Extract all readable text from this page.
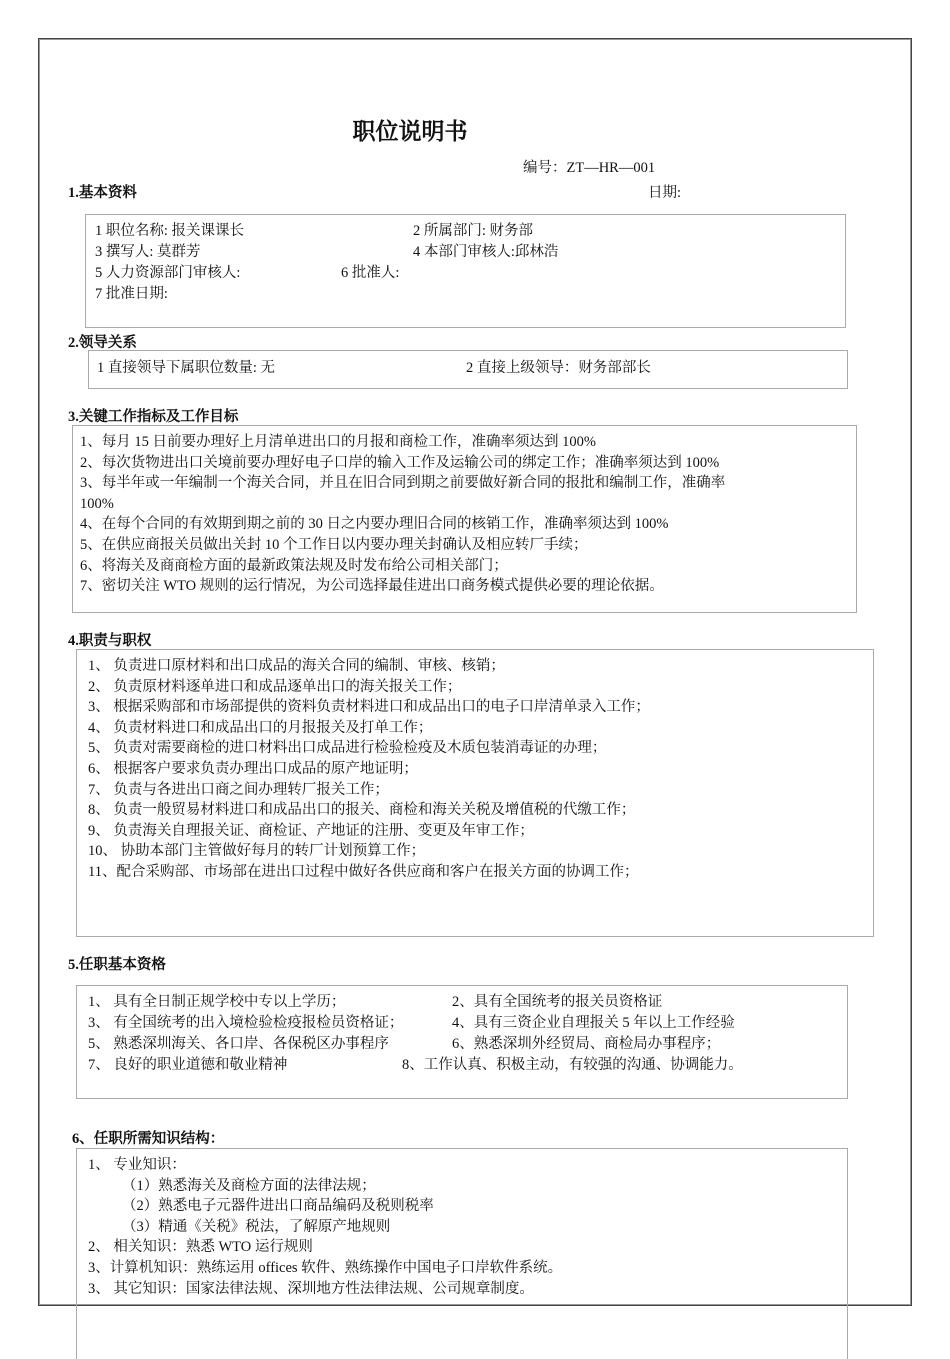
职位说明书
编号：ZT—HR—001
日期:
1.基本资料
1 职位名称: 报关课课长	2 所属部门: 财务部
3 撰写人: 莫群芳	4 本部门审核人:邱林浩
5 人力资源部门审核人:	6 批准人:
7 批准日期:
2.领导关系
1 直接领导下属职位数量: 无	2 直接上级领导：财务部部长
3.关键工作指标及工作目标
1、每月 15 日前要办理好上月清单进出口的月报和商检工作，准确率须达到 100%
2、每次货物进出口关境前要办理好电子口岸的输入工作及运输公司的绑定工作；准确率须达到 100%
3、每半年或一年编制一个海关合同，并且在旧合同到期之前要做好新合同的报批和编制工作，准确率
100%
4、在每个合同的有效期到期之前的 30 日之内要办理旧合同的核销工作，准确率须达到 100%
5、在供应商报关员做出关封 10 个工作日以内要办理关封确认及相应转厂手续；
6、将海关及商商检方面的最新政策法规及时发布给公司相关部门；
7、密切关注 WTO 规则的运行情况，为公司选择最佳进出口商务模式提供必要的理论依据。
4.职责与职权
1、 负责进口原材料和出口成品的海关合同的编制、审核、核销；
2、 负责原材料逐单进口和成品逐单出口的海关报关工作；
3、 根据采购部和市场部提供的资料负责材料进口和成品出口的电子口岸清单录入工作；
4、 负责材料进口和成品出口的月报报关及打单工作；
5、 负责对需要商检的进口材料出口成品进行检验检疫及木质包装消毒证的办理；
6、 根据客户要求负责办理出口成品的原产地证明；
7、 负责与各进出口商之间办理转厂报关工作；
8、 负责一般贸易材料进口和成品出口的报关、商检和海关关税及增值税的代缴工作；
9、 负责海关自理报关证、商检证、产地证的注册、变更及年审工作；
10、 协助本部门主管做好每月的转厂计划预算工作；
11、配合采购部、市场部在进出口过程中做好各供应商和客户在报关方面的协调工作；
5.任职基本资格
1、 具有全日制正规学校中专以上学历；	2、具有全国统考的报关员资格证
3、 有全国统考的出入境检验检疫报检员资格证；	4、具有三资企业自理报关 5 年以上工作经验
5、 熟悉深圳海关、各口岸、各保税区办事程序	6、熟悉深圳外经贸局、商检局办事程序；
7、 良好的职业道德和敬业精神	8、工作认真、积极主动，有较强的沟通、协调能力。
6、任职所需知识结构：
1、 专业知识：
（1）熟悉海关及商检方面的法律法规；
（2）熟悉电子元器件进出口商品编码及税则税率
（3）精通《关税》税法，了解原产地规则
2、 相关知识：熟悉 WTO 运行规则
3、计算机知识：熟练运用 offices 软件、熟练操作中国电子口岸软件系统。
3、 其它知识：国家法律法规、深圳地方性法律法规、公司规章制度。
